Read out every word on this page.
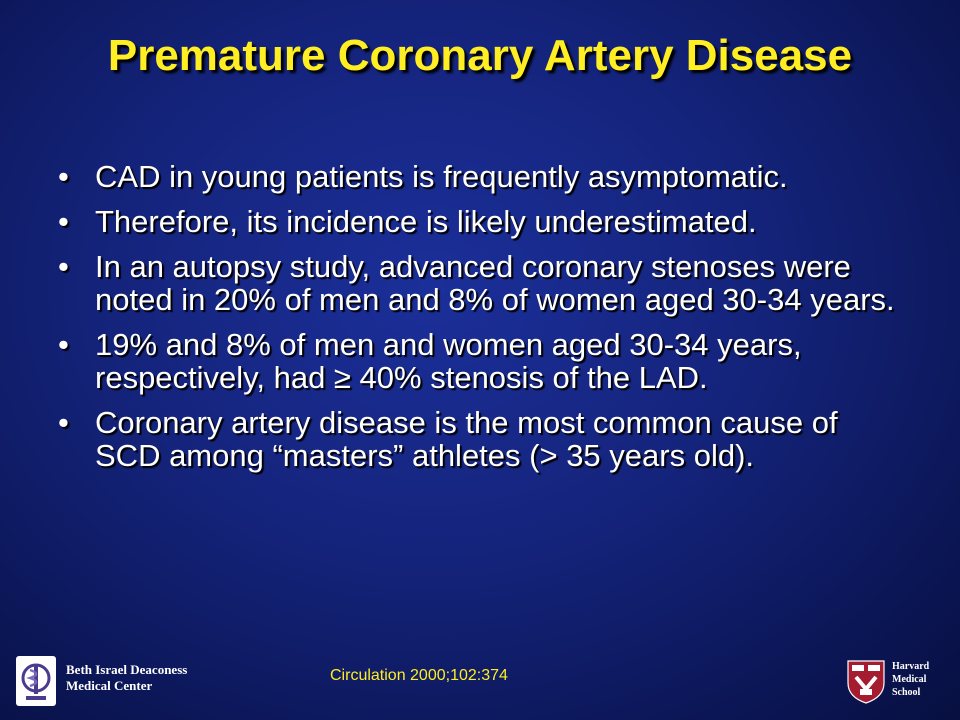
Premature Coronary Artery Disease
• CAD in young patients is frequently asymptomatic.
• Therefore, its incidence is likely underestimated.
• In an autopsy study, advanced coronary stenoses were noted in 20% of men and 8% of women aged 30-34 years.
• 19% and 8% of men and women aged 30-34 years, respectively, had ≥ 40% stenosis of the LAD.
• Coronary artery disease is the most common cause of SCD among “masters” athletes (> 35 years old).
Beth Israel Deaconess
Medical Center
Circulation 2000;102:374
Harvard
Medical
School
